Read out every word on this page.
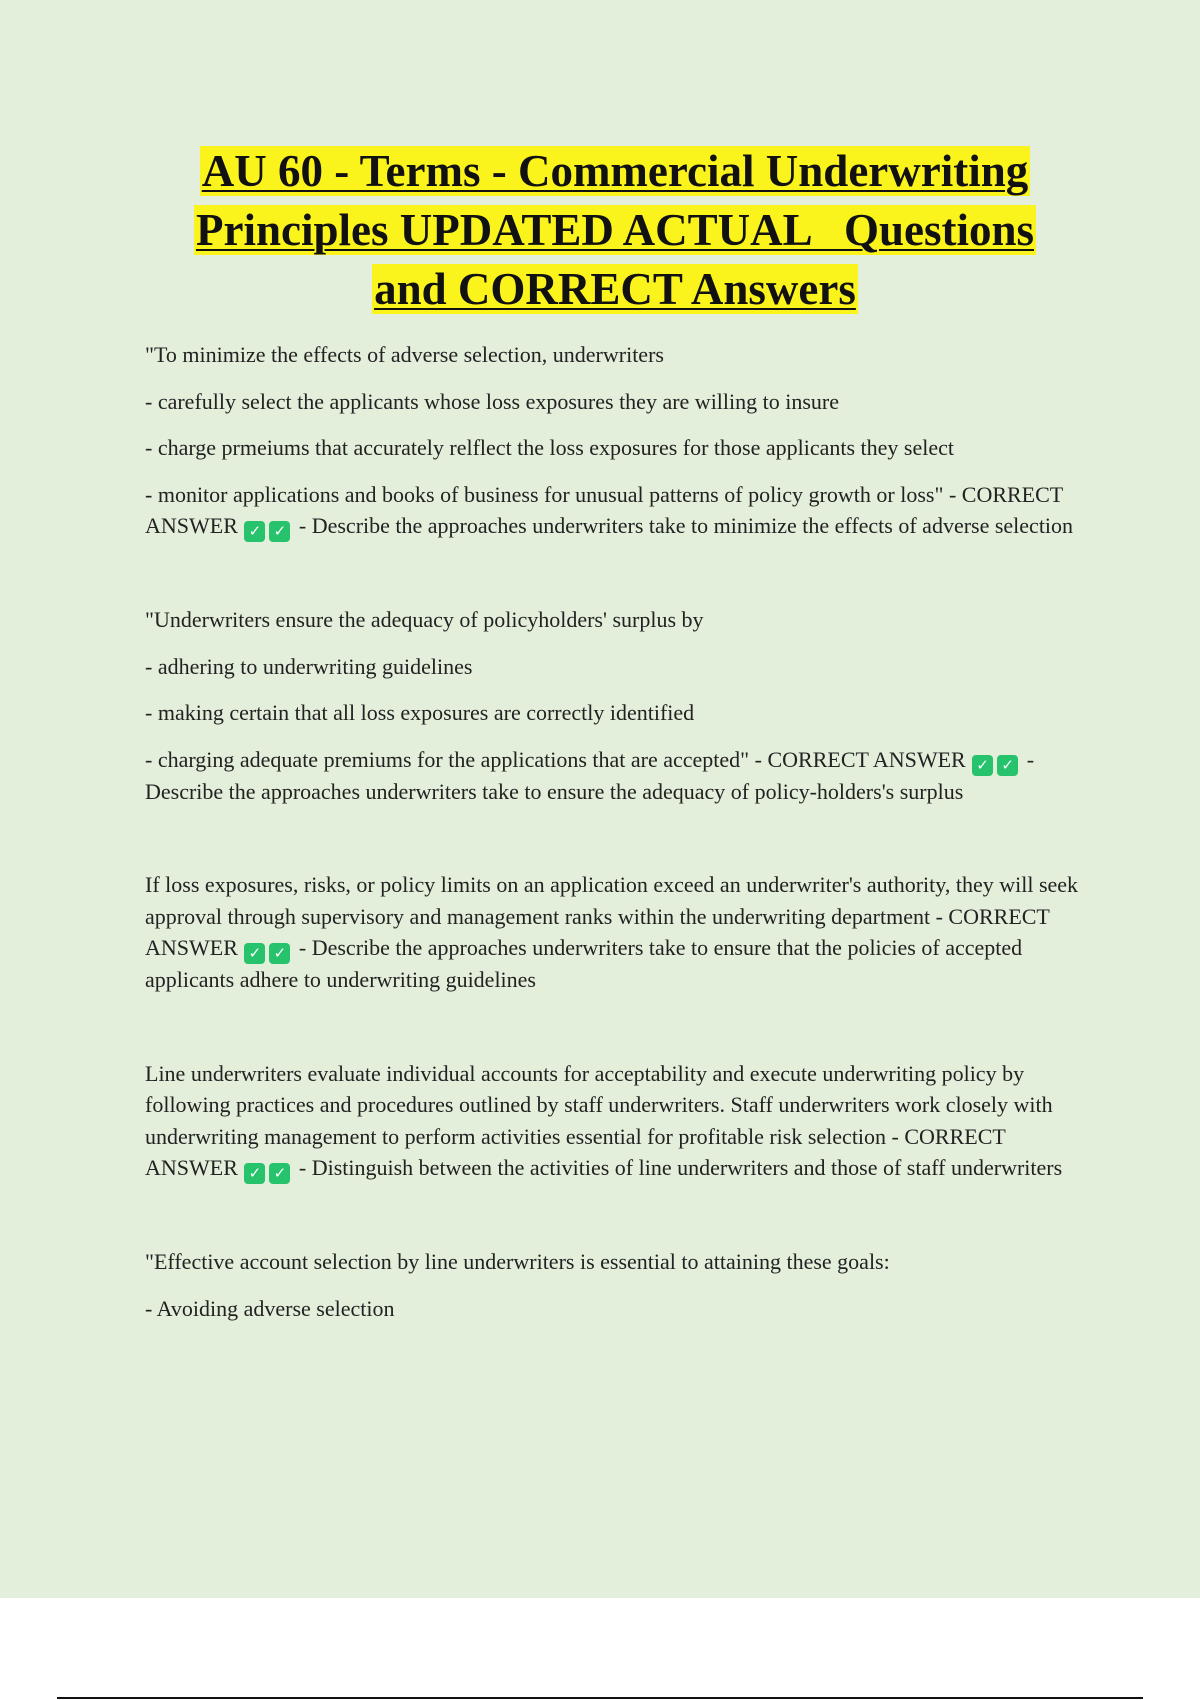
AU 60 - Terms - Commercial Underwriting
Principles UPDATED ACTUAL   Questions
and CORRECT Answers

"To minimize the effects of adverse selection, underwriters

- carefully select the applicants whose loss exposures they are willing to insure

- charge prmeiums that accurately relflect the loss exposures for those applicants they select

- monitor applications and books of business for unusual patterns of policy growth or loss" - CORRECT ANSWER ✓ ✓ - Describe the approaches underwriters take to minimize the effects of adverse selection

"Underwriters ensure the adequacy of policyholders' surplus by

- adhering to underwriting guidelines

- making certain that all loss exposures are correctly identified

- charging adequate premiums for the applications that are accepted" - CORRECT ANSWER ✓ ✓ - Describe the approaches underwriters take to ensure the adequacy of policy-holders's surplus

If loss exposures, risks, or policy limits on an application exceed an underwriter's authority, they will seek approval through supervisory and management ranks within the underwriting department - CORRECT ANSWER ✓ ✓ - Describe the approaches underwriters take to ensure that the policies of accepted applicants adhere to underwriting guidelines

Line underwriters evaluate individual accounts for acceptability and execute underwriting policy by following practices and procedures outlined by staff underwriters. Staff underwriters work closely with underwriting management to perform activities essential for profitable risk selection - CORRECT ANSWER ✓ ✓ - Distinguish between the activities of line underwriters and those of staff underwriters

"Effective account selection by line underwriters is essential to attaining these goals:

- Avoiding adverse selection
